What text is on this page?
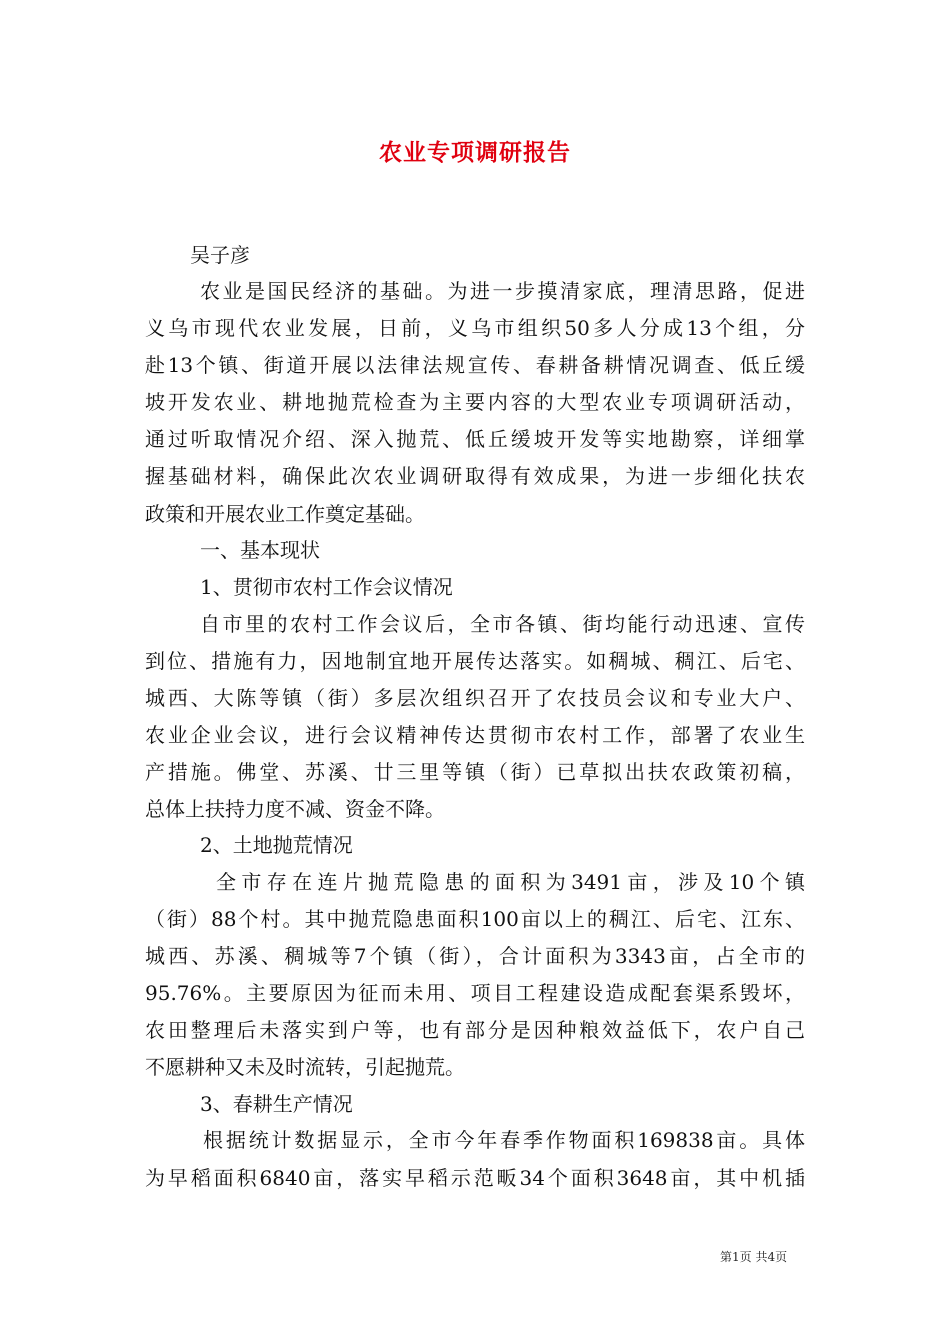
农业专项调研报告
吴子彦
农业是国民经济的基础。为进一步摸清家底，理清思路，促进
义乌市现代农业发展，日前，义乌市组织50多人分成13个组，分
赴13个镇、街道开展以法律法规宣传、春耕备耕情况调查、低丘缓
坡开发农业、耕地抛荒检查为主要内容的大型农业专项调研活动，
通过听取情况介绍、深入抛荒、低丘缓坡开发等实地勘察，详细掌
握基础材料，确保此次农业调研取得有效成果，为进一步细化扶农
政策和开展农业工作奠定基础。
一、基本现状
1、贯彻市农村工作会议情况
自市里的农村工作会议后，全市各镇、街均能行动迅速、宣传
到位、措施有力，因地制宜地开展传达落实。如稠城、稠江、后宅、
城西、大陈等镇（街）多层次组织召开了农技员会议和专业大户、
农业企业会议，进行会议精神传达贯彻市农村工作，部署了农业生
产措施。佛堂、苏溪、廿三里等镇（街）已草拟出扶农政策初稿，
总体上扶持力度不减、资金不降。
2、土地抛荒情况
全市存在连片抛荒隐患的面积为3491亩，涉及10个镇
（街）88个村。其中抛荒隐患面积100亩以上的稠江、后宅、江东、
城西、苏溪、稠城等7个镇（街），合计面积为3343亩，占全市的
95.76%。主要原因为征而未用、项目工程建设造成配套渠系毁坏，
农田整理后未落实到户等，也有部分是因种粮效益低下，农户自己
不愿耕种又未及时流转，引起抛荒。
3、春耕生产情况
根据统计数据显示，全市今年春季作物面积169838亩。具体
为早稻面积6840亩，落实早稻示范畈34个面积3648亩，其中机插
第1页 共4页
